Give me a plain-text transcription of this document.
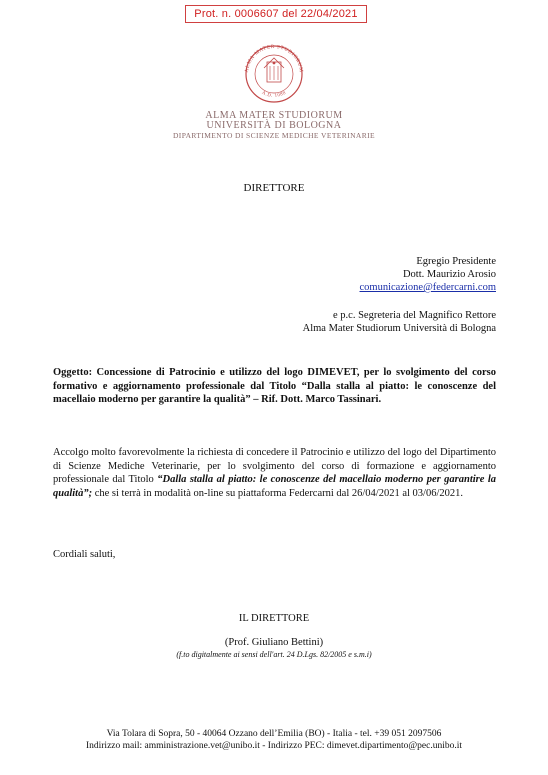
Prot. n. 0006607 del 22/04/2021
ALMA MATER STUDIORUM
A.D. 1088
ALMA MATER STUDIORUM
UNIVERSITÀ DI BOLOGNA
DIPARTIMENTO DI SCIENZE MEDICHE VETERINARIE
DIRETTORE
Egregio Presidente
Dott. Maurizio Arosio
comunicazione@federcarni.com
e p.c. Segreteria del Magnifico Rettore
Alma Mater Studiorum Università di Bologna
Oggetto: Concessione di Patrocinio e utilizzo del logo DIMEVET, per lo svolgimento del corso formativo e aggiornamento professionale dal Titolo “Dalla stalla al piatto: le conoscenze del macellaio moderno per garantire la qualità” – Rif. Dott. Marco Tassinari.
Accolgo molto favorevolmente la richiesta di concedere il Patrocinio e utilizzo del logo del Dipartimento di Scienze Mediche Veterinarie, per lo svolgimento del corso di formazione e aggiornamento professionale dal Titolo “Dalla stalla al piatto: le conoscenze del macellaio moderno per garantire la qualità”; che si terrà in modalità on-line su piattaforma Federcarni dal 26/04/2021 al 03/06/2021.
Cordiali saluti,
IL DIRETTORE
(Prof. Giuliano Bettini)
(f.to digitalmente ai sensi dell'art. 24 D.Lgs. 82/2005 e s.m.i)
Via Tolara di Sopra, 50 - 40064 Ozzano dell’Emilia (BO) - Italia - tel. +39 051 2097506
Indirizzo mail: amministrazione.vet@unibo.it - Indirizzo PEC: dimevet.dipartimento@pec.unibo.it
